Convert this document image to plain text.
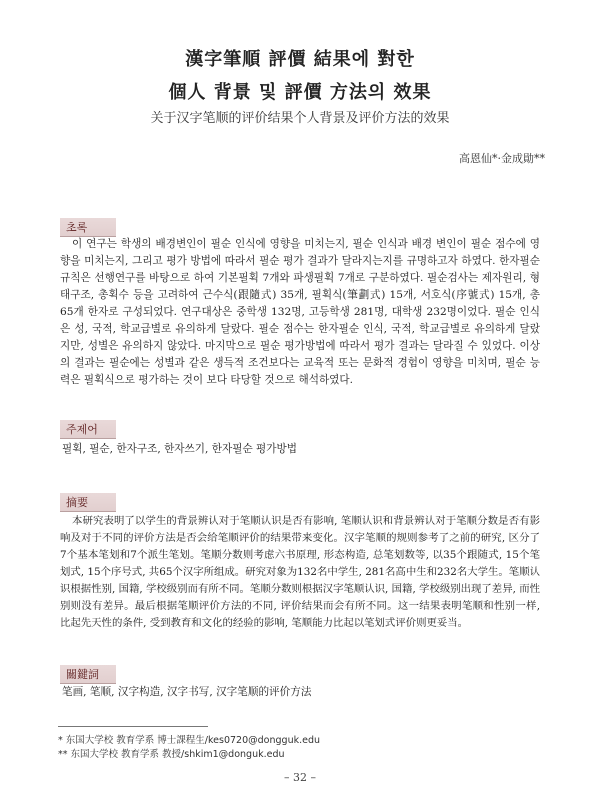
漢字筆順 評價 結果에 對한
個人 背景 및 評價 方法의 效果
关于汉字笔顺的评价结果个人背景及评价方法的效果
高恩仙*·金成勛**
초록

이 연구는 학생의 배경변인이 필순 인식에 영향을 미치는지, 필순 인식과 배경 변인이 필순 점수에 영향을 미치는지, 그리고 평가 방법에 따라서 필순 평가 결과가 달라지는지를 규명하고자 하였다. 한자필순 규칙은 선행연구를 바탕으로 하여 기본필획 7개와 파생필획 7개로 구분하였다. 필순검사는 제자원리, 형태구조, 총획수 등을 고려하여 근수식(跟隨式) 35개, 필획식(筆劃式) 15개, 서호식(序號式) 15개, 총 65개 한자로 구성되었다. 연구대상은 중학생 132명, 고등학생 281명, 대학생 232명이었다. 필순 인식은 성, 국적, 학교급별로 유의하게 달랐다. 필순 점수는 한자필순 인식, 국적, 학교급별로 유의하게 달랐지만, 성별은 유의하지 않았다. 마지막으로 필순 평가방법에 따라서 평가 결과는 달라질 수 있었다. 이상의 결과는 필순에는 성별과 같은 생득적 조건보다는 교육적 또는 문화적 경험이 영향을 미치며, 필순 능력은 필획식으로 평가하는 것이 보다 타당할 것으로 해석하였다.

주제어
필획, 필순, 한자구조, 한자쓰기, 한자필순 평가방법
摘要

本研究表明了以学生的背景辨认对于笔顺认识是否有影响, 笔顺认识和背景辨认对于笔顺分数是否有影响及对于不同的评价方法是否会给笔顺评价的结果带来变化。汉字笔顺的规则参考了之前的研究, 区分了7个基本笔划和7个派生笔划。笔顺分数则考虑六书原理, 形态构造, 总笔划数等, 以35个跟随式, 15个笔划式, 15个序号式, 共65个汉字所组成。研究对象为132名中学生, 281名高中生和232名大学生。笔顺认识根据性别, 国籍, 学校级别而有所不同。笔顺分数则根据汉字笔顺认识, 国籍, 学校级别出现了差异, 而性别则没有差异。最后根据笔顺评价方法的不同, 评价结果而会有所不同。这一结果表明笔顺和性别一样, 比起先天性的条件, 受到教育和文化的经验的影响, 笔顺能力比起以笔划式评价则更妥当。

關鍵詞
笔画, 笔顺, 汉字构造, 汉字书写, 汉字笔顺的评价方法
* 东国大学校 教育学系 博士課程生/kes0720@dongguk.edu
** 东国大学校 教育学系 教授/shkim1@donguk.edu
– 32 –
